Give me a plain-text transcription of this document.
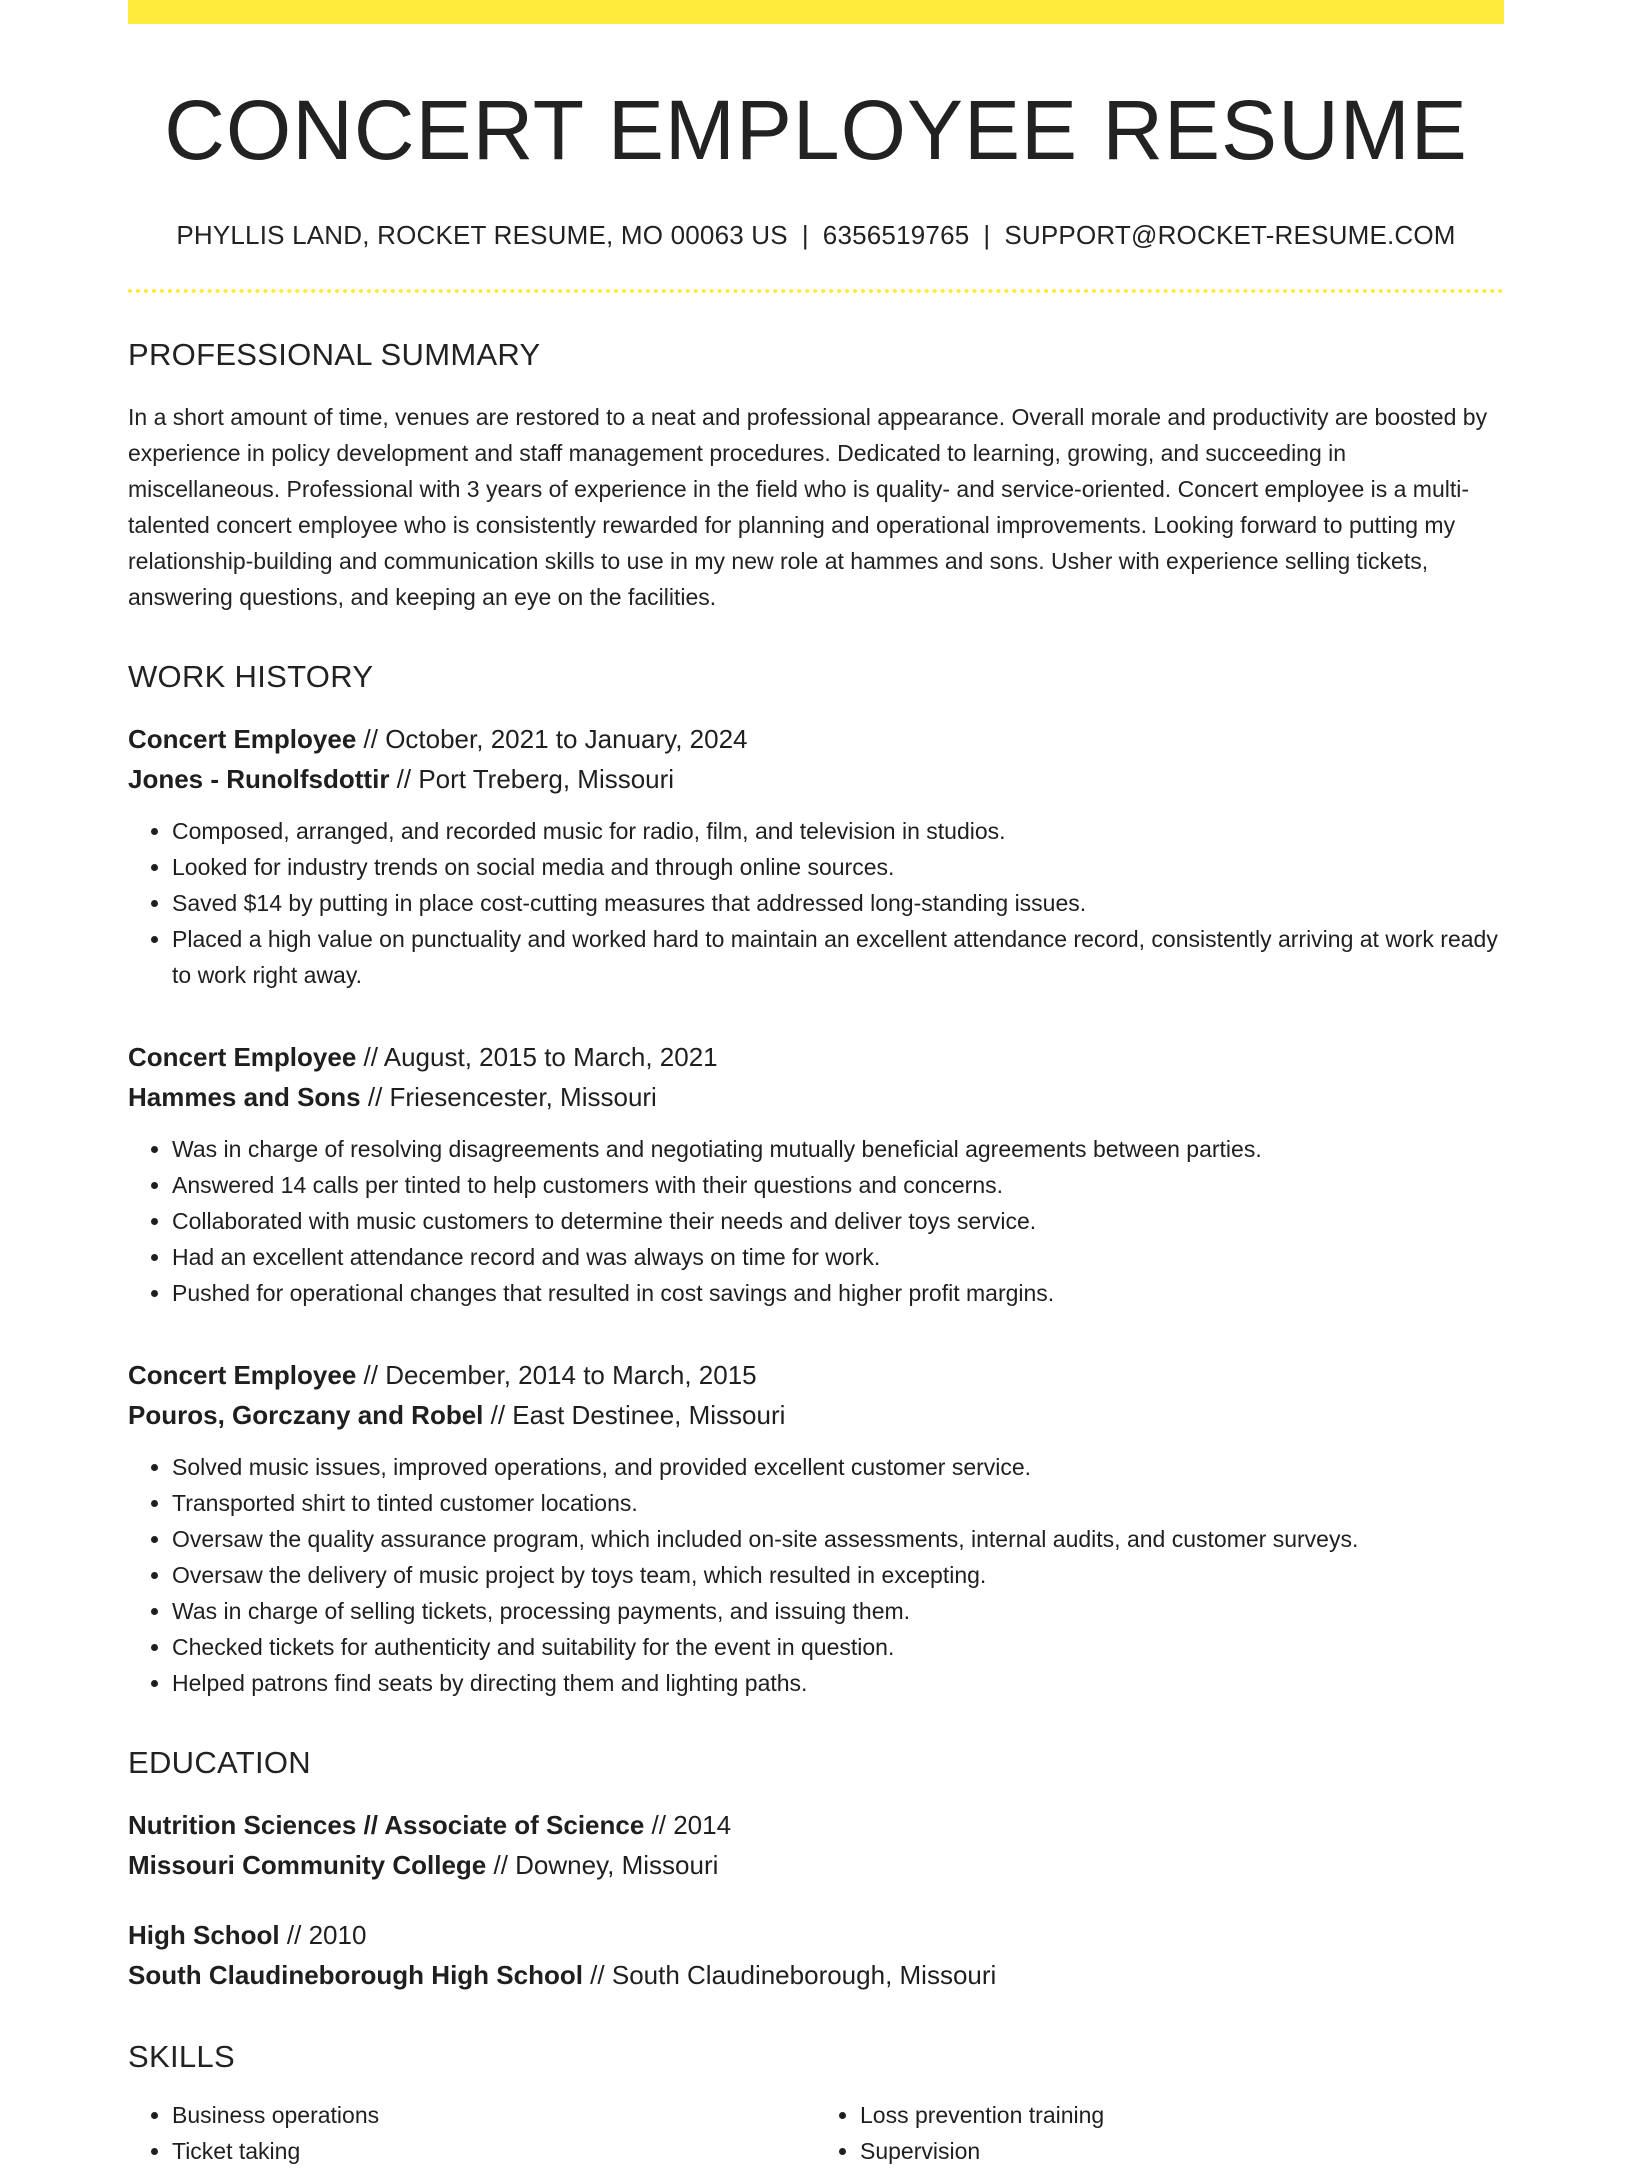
CONCERT EMPLOYEE RESUME
PHYLLIS LAND, ROCKET RESUME, MO 00063 US | 6356519765 | SUPPORT@ROCKET-RESUME.COM
PROFESSIONAL SUMMARY
In a short amount of time, venues are restored to a neat and professional appearance. Overall morale and productivity are boosted by experience in policy development and staff management procedures. Dedicated to learning, growing, and succeeding in miscellaneous. Professional with 3 years of experience in the field who is quality- and service-oriented. Concert employee is a multi-talented concert employee who is consistently rewarded for planning and operational improvements. Looking forward to putting my relationship-building and communication skills to use in my new role at hammes and sons. Usher with experience selling tickets, answering questions, and keeping an eye on the facilities.
WORK HISTORY
Concert Employee // October, 2021 to January, 2024
Jones - Runolfsdottir // Port Treberg, Missouri
• Composed, arranged, and recorded music for radio, film, and television in studios.
• Looked for industry trends on social media and through online sources.
• Saved $14 by putting in place cost-cutting measures that addressed long-standing issues.
• Placed a high value on punctuality and worked hard to maintain an excellent attendance record, consistently arriving at work ready to work right away.
Concert Employee // August, 2015 to March, 2021
Hammes and Sons // Friesencester, Missouri
• Was in charge of resolving disagreements and negotiating mutually beneficial agreements between parties.
• Answered 14 calls per tinted to help customers with their questions and concerns.
• Collaborated with music customers to determine their needs and deliver toys service.
• Had an excellent attendance record and was always on time for work.
• Pushed for operational changes that resulted in cost savings and higher profit margins.
Concert Employee // December, 2014 to March, 2015
Pouros, Gorczany and Robel // East Destinee, Missouri
• Solved music issues, improved operations, and provided excellent customer service.
• Transported shirt to tinted customer locations.
• Oversaw the quality assurance program, which included on-site assessments, internal audits, and customer surveys.
• Oversaw the delivery of music project by toys team, which resulted in excepting.
• Was in charge of selling tickets, processing payments, and issuing them.
• Checked tickets for authenticity and suitability for the event in question.
• Helped patrons find seats by directing them and lighting paths.
EDUCATION
Nutrition Sciences // Associate of Science // 2014
Missouri Community College // Downey, Missouri
High School // 2010
South Claudineborough High School // South Claudineborough, Missouri
SKILLS
• Business operations
• Ticket taking
• Loss prevention training
• Supervision
